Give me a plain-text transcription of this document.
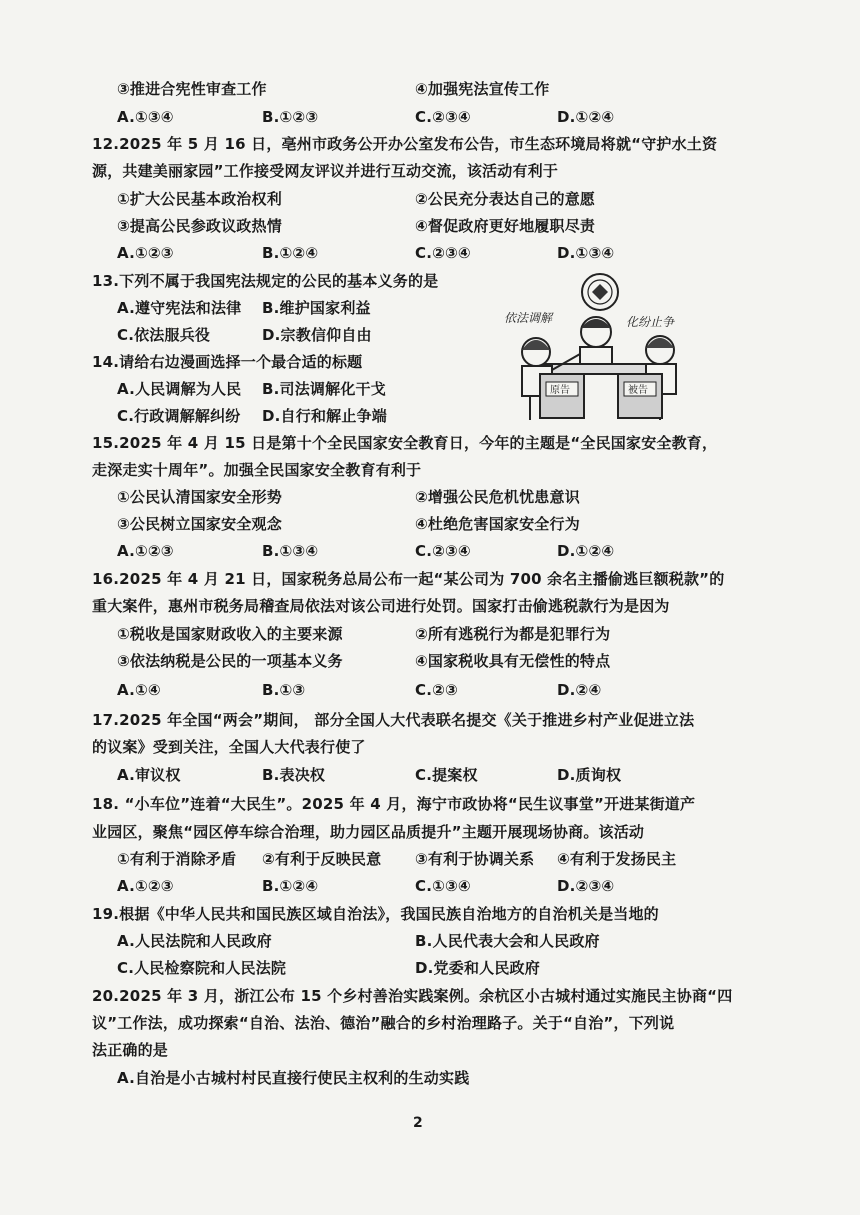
③推进合宪性审查工作	④加强宪法宣传工作
A.①③④	B.①②③	C.②③④	D.①②④
12.2025 年 5 月 16 日，亳州市政务公开办公室发布公告，市生态环境局将就“守护水土资
源，共建美丽家园”工作接受网友评议并进行互动交流，该活动有利于
①扩大公民基本政治权利	②公民充分表达自己的意愿
③提高公民参政议政热情	④督促政府更好地履职尽责
A.①②③	B.①②④	C.②③④	D.①③④
13.下列不属于我国宪法规定的公民的基本义务的是
A.遵守宪法和法律 B.维护国家利益
C.依法服兵役	D.宗教信仰自由
14.请给右边漫画选择一个最合适的标题
A.人民调解为人民 B.司法调解化干戈
C.行政调解解纠纷 D.自行和解止争端
依法调解	化纷止争
原告	被告
15.2025 年 4 月 15 日是第十个全民国家安全教育日，今年的主题是“全民国家安全教育，
走深走实十周年”。加强全民国家安全教育有利于
①公民认清国家安全形势	②增强公民危机忧患意识
③公民树立国家安全观念	④杜绝危害国家安全行为
A.①②③	B.①③④	C.②③④	D.①②④
16.2025 年 4 月 21 日，国家税务总局公布一起“某公司为 700 余名主播偷逃巨额税款”的
重大案件，惠州市税务局稽查局依法对该公司进行处罚。国家打击偷逃税款行为是因为
①税收是国家财政收入的主要来源	②所有逃税行为都是犯罪行为
③依法纳税是公民的一项基本义务	④国家税收具有无偿性的特点
A.①④	B.①③	C.②③	D.②④
17.2025 年全国“两会”期间， 部分全国人大代表联名提交《关于推进乡村产业促进立法
的议案》受到关注，全国人大代表行使了
A.审议权	B.表决权	C.提案权	D.质询权
18. “小车位”连着“大民生”。2025 年 4 月，海宁市政协将“民生议事堂”开进某街道产
业园区，聚焦“园区停车综合治理，助力园区品质提升”主题开展现场协商。该活动
①有利于消除矛盾 ②有利于反映民意 ③有利于协调关系 ④有利于发扬民主
A.①②③	B.①②④	C.①③④	D.②③④
19.根据《中华人民共和国民族区域自治法》，我国民族自治地方的自治机关是当地的
A.人民法院和人民政府	B.人民代表大会和人民政府
C.人民检察院和人民法院	D.党委和人民政府
20.2025 年 3 月，浙江公布 15 个乡村善治实践案例。余杭区小古城村通过实施民主协商“四
议”工作法，成功探索“自治、法治、德治”融合的乡村治理路子。关于“自治”，下列说
法正确的是
A.自治是小古城村村民直接行使民主权利的生动实践
2
